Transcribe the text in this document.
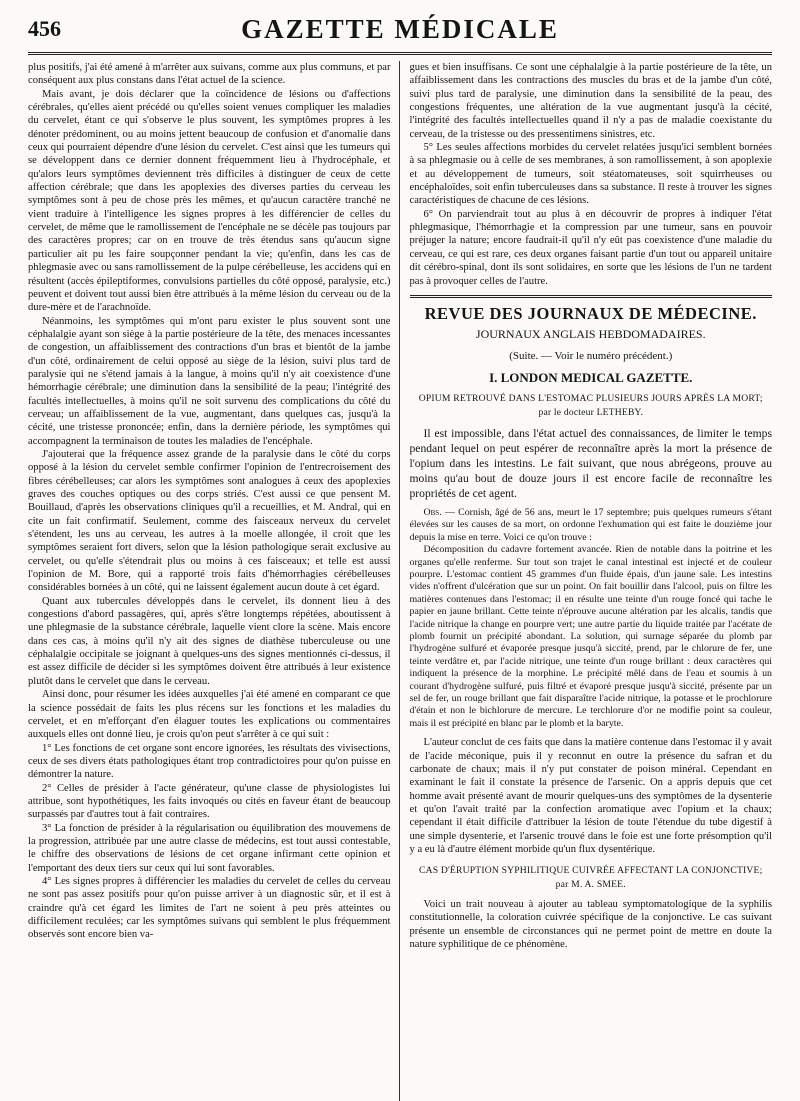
456	GAZETTE MÉDICALE

plus positifs, j'ai été amené à m'arrêter aux suivans, comme aux plus communs, et par conséquent aux plus constans dans l'état actuel de la science.

Mais avant, je dois déclarer que la coïncidence de lésions ou d'affections cérébrales, qu'elles aient précédé ou qu'elles soient venues compliquer les maladies du cervelet, étant ce qui s'observe le plus souvent, les symptômes propres à les dénoter prédominent, ou au moins jettent beaucoup de confusion et d'anomalie dans ceux qui pourraient dépendre d'une lésion du cervelet. C'est ainsi que les tumeurs qui se développent dans ce dernier donnent fréquemment lieu à l'hydrocéphale, et qu'alors leurs symptômes deviennent très difficiles à distinguer de ceux de cette affection cérébrale; que dans les apoplexies des diverses parties du cerveau les symptômes sont à peu de chose près les mêmes, et qu'aucun caractère tranché ne vient traduire à l'intelligence les signes propres à les différencier de celles du cervelet, de même que le ramollissement de l'encéphale ne se décèle pas toujours par des caractères propres; car on en trouve de très étendus sans qu'aucun signe particulier ait pu les faire soupçonner pendant la vie; qu'enfin, dans les cas de phlegmasie avec ou sans ramollissement de la pulpe cérébelleuse, les accidens qui en résultent (accès épileptiformes, convulsions partielles du côté opposé, paralysie, etc.) peuvent et doivent tout aussi bien être attribués à la même lésion du cerveau ou de la dure-mère et de l'arachnoïde.

Néanmoins, les symptômes qui m'ont paru exister le plus souvent sont une céphalalgie ayant son siège à la partie postérieure de la tête, des menaces incessantes de congestion, un affaiblissement des contractions d'un bras et bientôt de la jambe d'un côté, ordinairement de celui opposé au siège de la lésion, suivi plus tard de paralysie qui ne s'étend jamais à la langue, à moins qu'il n'y ait coexistence d'une hémorrhagie cérébrale; une diminution dans la sensibilité de la peau; l'intégrité des facultés intellectuelles, à moins qu'il ne soit survenu des complications du côté du cerveau; un affaiblissement de la vue, augmentant, dans quelques cas, jusqu'à la cécité, une tristesse prononcée; enfin, dans la dernière période, les symptômes qui accompagnent la terminaison de toutes les maladies de l'encéphale.

J'ajouterai que la fréquence assez grande de la paralysie dans le côté du corps opposé à la lésion du cervelet semble confirmer l'opinion de l'entrecroisement des fibres cérébelleuses; car alors les symptômes sont analogues à ceux des apoplexies graves des couches optiques ou des corps striés. C'est aussi ce que pensent M. Bouillaud, d'après les observations cliniques qu'il a recueillies, et M. Andral, qui en cite un fait confirmatif. Seulement, comme des faisceaux nerveux du cervelet s'étendent, les uns au cerveau, les autres à la moelle allongée, il croit que les symptômes seraient fort divers, selon que la lésion pathologique serait exclusive au cervelet, ou qu'elle s'étendrait plus ou moins à ces faisceaux; et telle est aussi l'opinion de M. Bore, qui a rapporté trois faits d'hémorrhagies cérébelleuses considérables bornées à un côté, qui ne laissent également aucun doute à cet égard.

Quant aux tubercules développés dans le cervelet, ils donnent lieu à des congestions d'abord passagères, qui, après s'être longtemps répétées, aboutissent à une phlegmasie de la substance cérébrale, laquelle vient clore la scène. Mais encore dans ces cas, à moins qu'il n'y ait des signes de diathèse tuberculeuse ou une céphalalgie occipitale se joignant à quelques-uns des signes mentionnés ci-dessus, il est assez difficile de décider si les symptômes doivent être attribués à leur existence plutôt dans le cervelet que dans le cerveau.

Ainsi donc, pour résumer les idées auxquelles j'ai été amené en comparant ce que la science possédait de faits les plus récens sur les fonctions et les maladies du cervelet, et en m'efforçant d'en élaguer toutes les explications ou commentaires auxquels elles ont donné lieu, je crois qu'on peut s'arrêter à ce qui suit :

1° Les fonctions de cet organe sont encore ignorées, les résultats des vivisections, ceux de ses divers états pathologiques étant trop contradictoires pour qu'on puisse en démontrer la nature.

2° Celles de présider à l'acte générateur, qu'une classe de physiologistes lui attribue, sont hypothétiques, les faits invoqués ou cités en faveur étant de beaucoup surpassés par d'autres tout à fait contraires.

3° La fonction de présider à la régularisation ou équilibration des mouvemens de la progression, attribuée par une autre classe de médecins, est tout aussi contestable, le chiffre des observations de lésions de cet organe infirmant cette opinion et l'emportant des deux tiers sur ceux qui lui sont favorables.

4° Les signes propres à différencier les maladies du cervelet de celles du cerveau ne sont pas assez positifs pour qu'on puisse arriver à un diagnostic sûr, et il est à craindre qu'à cet égard les limites de l'art ne soient à peu près atteintes ou difficilement reculées; car les symptômes suivans qui semblent le plus fréquemment observés sont encore bien va-

gues et bien insuffisans. Ce sont une céphalalgie à la partie postérieure de la tête, un affaiblissement dans les contractions des muscles du bras et de la jambe d'un côté, suivi plus tard de paralysie, une diminution dans la sensibilité de la peau, des congestions fréquentes, une altération de la vue augmentant jusqu'à la cécité, l'intégrité des facultés intellectuelles quand il n'y a pas de maladie coexistante du cerveau, de la tristesse ou des pressentimens sinistres, etc.

5° Les seules affections morbides du cervelet relatées jusqu'ici semblent bornées à sa phlegmasie ou à celle de ses membranes, à son ramollissement, à son apoplexie et au développement de tumeurs, soit stéatomateuses, soit squirrheuses ou encéphaloïdes, soit enfin tuberculeuses dans sa substance. Il reste à trouver les signes caractéristiques de chacune de ces lésions.

6° On parviendrait tout au plus à en découvrir de propres à indiquer l'état phlegmasique, l'hémorrhagie et la compression par une tumeur, sans en pouvoir préjuger la nature; encore faudrait-il qu'il n'y eût pas coexistence d'une maladie du cerveau, ce qui est rare, ces deux organes faisant partie d'un tout ou appareil unitaire dit cérébro-spinal, dont ils sont solidaires, en sorte que les lésions de l'un ne tardent pas à provoquer celles de l'autre.

REVUE DES JOURNAUX DE MÉDECINE.
JOURNAUX ANGLAIS HEBDOMADAIRES.
(Suite. — Voir le numéro précédent.)
I. LONDON MEDICAL GAZETTE.
OPIUM RETROUVÉ DANS L'ESTOMAC PLUSIEURS JOURS APRÈS LA MORT;
par le docteur LETHEBY.

Il est impossible, dans l'état actuel des connaissances, de limiter le temps pendant lequel on peut espérer de reconnaître après la mort la présence de l'opium dans les intestins. Le fait suivant, que nous abrégeons, prouve au moins qu'au bout de douze jours il est encore facile de reconnaître les propriétés de cet agent.

Obs. — Cornish, âgé de 56 ans, meurt le 17 septembre; puis quelques rumeurs s'étant élevées sur les causes de sa mort, on ordonne l'exhumation qui est faite le douzième jour depuis la mise en terre. Voici ce qu'on trouve :

Décomposition du cadavre fortement avancée. Rien de notable dans la poitrine et les organes qu'elle renferme. Sur tout son trajet le canal intestinal est injecté et de couleur pourpre. L'estomac contient 45 grammes d'un fluide épais, d'un jaune sale. Les intestins vides n'offrent d'ulcération que sur un point. On fait bouillir dans l'alcool, puis on filtre les matières contenues dans l'estomac; il en résulte une teinte d'un rouge foncé qui tache le papier en jaune brillant. Cette teinte n'éprouve aucune altération par les alcalis, tandis que l'acide nitrique la change en pourpre vert; une autre partie du liquide traitée par l'acétate de plomb fournit un précipité abondant. La solution, qui surnage séparée du plomb par l'hydrogène sulfuré et évaporée presque jusqu'à siccité, prend, par le chlorure de fer, une teinte verdâtre et, par l'acide nitrique, une teinte d'un rouge brillant : deux caractères qui indiquent la présence de la morphine. Le précipité mêlé dans de l'eau et soumis à un courant d'hydrogène sulfuré, puis filtré et évaporé presque jusqu'à siccité, présente par un sel de fer, un rouge brillant que fait disparaître l'acide nitrique, la potasse et le prochlorure d'étain et non le bichlorure de mercure. Le terchlorure d'or ne modifie point sa couleur, mais il est précipité en blanc par le plomb et la baryte.

L'auteur conclut de ces faits que dans la matière contenue dans l'estomac il y avait de l'acide méconique, puis il y reconnut en outre la présence du safran et du carbonate de chaux; mais il n'y put constater de poison minéral. Cependant en examinant le fait il constate la présence de l'arsenic. On a appris depuis que cet homme avait présenté avant de mourir quelques-uns des symptômes de la dysenterie et qu'on l'avait traité par la confection aromatique avec l'opium et la chaux; cependant il était difficile d'attribuer la lésion de toute l'étendue du tube digestif à une simple dysenterie, et l'arsenic trouvé dans le foie est une forte présomption qu'il y a eu là d'autre élément morbide qu'un flux dysentérique.

CAS D'ÉRUPTION SYPHILITIQUE CUIVRÉE AFFECTANT LA CONJONCTIVE;
par M. A. SMEE.

Voici un trait nouveau à ajouter au tableau symptomatologique de la syphilis constitutionnelle, la coloration cuivrée spécifique de la conjonctive. Le cas suivant présente un ensemble de circonstances qui ne permet point de mettre en doute la nature syphilitique de ce phénomène.
